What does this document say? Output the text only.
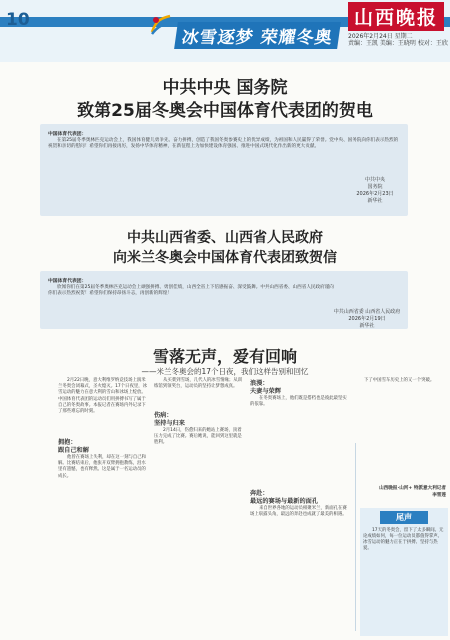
10
冰雪逐梦 荣耀冬奥
山西晚报
2026年2月24日 星期二
责编：王凯 美编：王晓明 校对：王欣
中共中央 国务院
致第25届冬奥会中国体育代表团的贺电
中国体育代表团：
在第25届冬季奥林匹克运动会上，我国体育健儿勇争先、奋力拼搏，创造了我国冬奥参赛史上的优异成绩，为祖国和人民赢得了荣誉。党中央、国务院向你们表示热烈的祝贺和亲切的慰问！希望你们再接再厉，发扬中华体育精神，在新征程上为加快建设体育强国、推进中国式现代化作出新的更大贡献。
中共中央
国务院
2026年2月23日
新华社
中共山西省委、山西省人民政府
向米兰冬奥会中国体育代表团致贺信
中国体育代表团：
欣闻你们在第25届冬季奥林匹克运动会上顽强拼搏、勇创佳绩，山西全省上下倍感振奋、深受鼓舞。中共山西省委、山西省人民政府谨向你们表示热烈祝贺！希望你们保持昂扬斗志，再创新的辉煌！
中共山西省委 山西省人民政府
2026年2月19日
新华社
雪落无声，爱有回响
——米兰冬奥会的17个日夜，我们这样告别和回忆

2月22日晚，意大利维罗纳竞技场上演米兰冬奥会闭幕式，圣火熄灭。17个日夜里，冰雪运动的魅力在意大利的雪山和冰场上绽放。中国体育代表团的运动员们用拼搏书写了属于自己的冬奥故事。本报记者在赛场内外记录下了那些难忘的时刻。

拥抱：
跟自己和解

他曾在赛场上失利，却在这一刻与自己和解。比赛结束后，他张开双臂拥抱教练，泪水里有遗憾，也有释然。这是属于一名运动员的成长。

从买菜到雪场，几代人的冰雪情缘；从训练馆到领奖台，运动员的坚持让梦想成真。

伤病：
坚持与归来

2月14日，伤愈归来的她站上赛场，顶着压力完成了比赛。赛后她说，能回到这里就是胜利。

浪漫：
夫妻与荣辉

在冬奥赛场上，他们既是搭档也是彼此最坚实的依靠。

奔赴：
最远的赛场与最新的面孔

来自世界各地的运动员相聚米兰，新面孔在赛场上崭露头角，最远的奔赴也成就了最美的相遇。

下了中国雪车历史上的又一个突破。
山西晚报·山河+ 特派意大利记者
李雪莲
尾声
17天的冬奥会，留下了太多瞬间。无论成绩如何，每一位运动员都值得掌声。冰雪运动的魅力正在于拼搏、坚持与热爱。
